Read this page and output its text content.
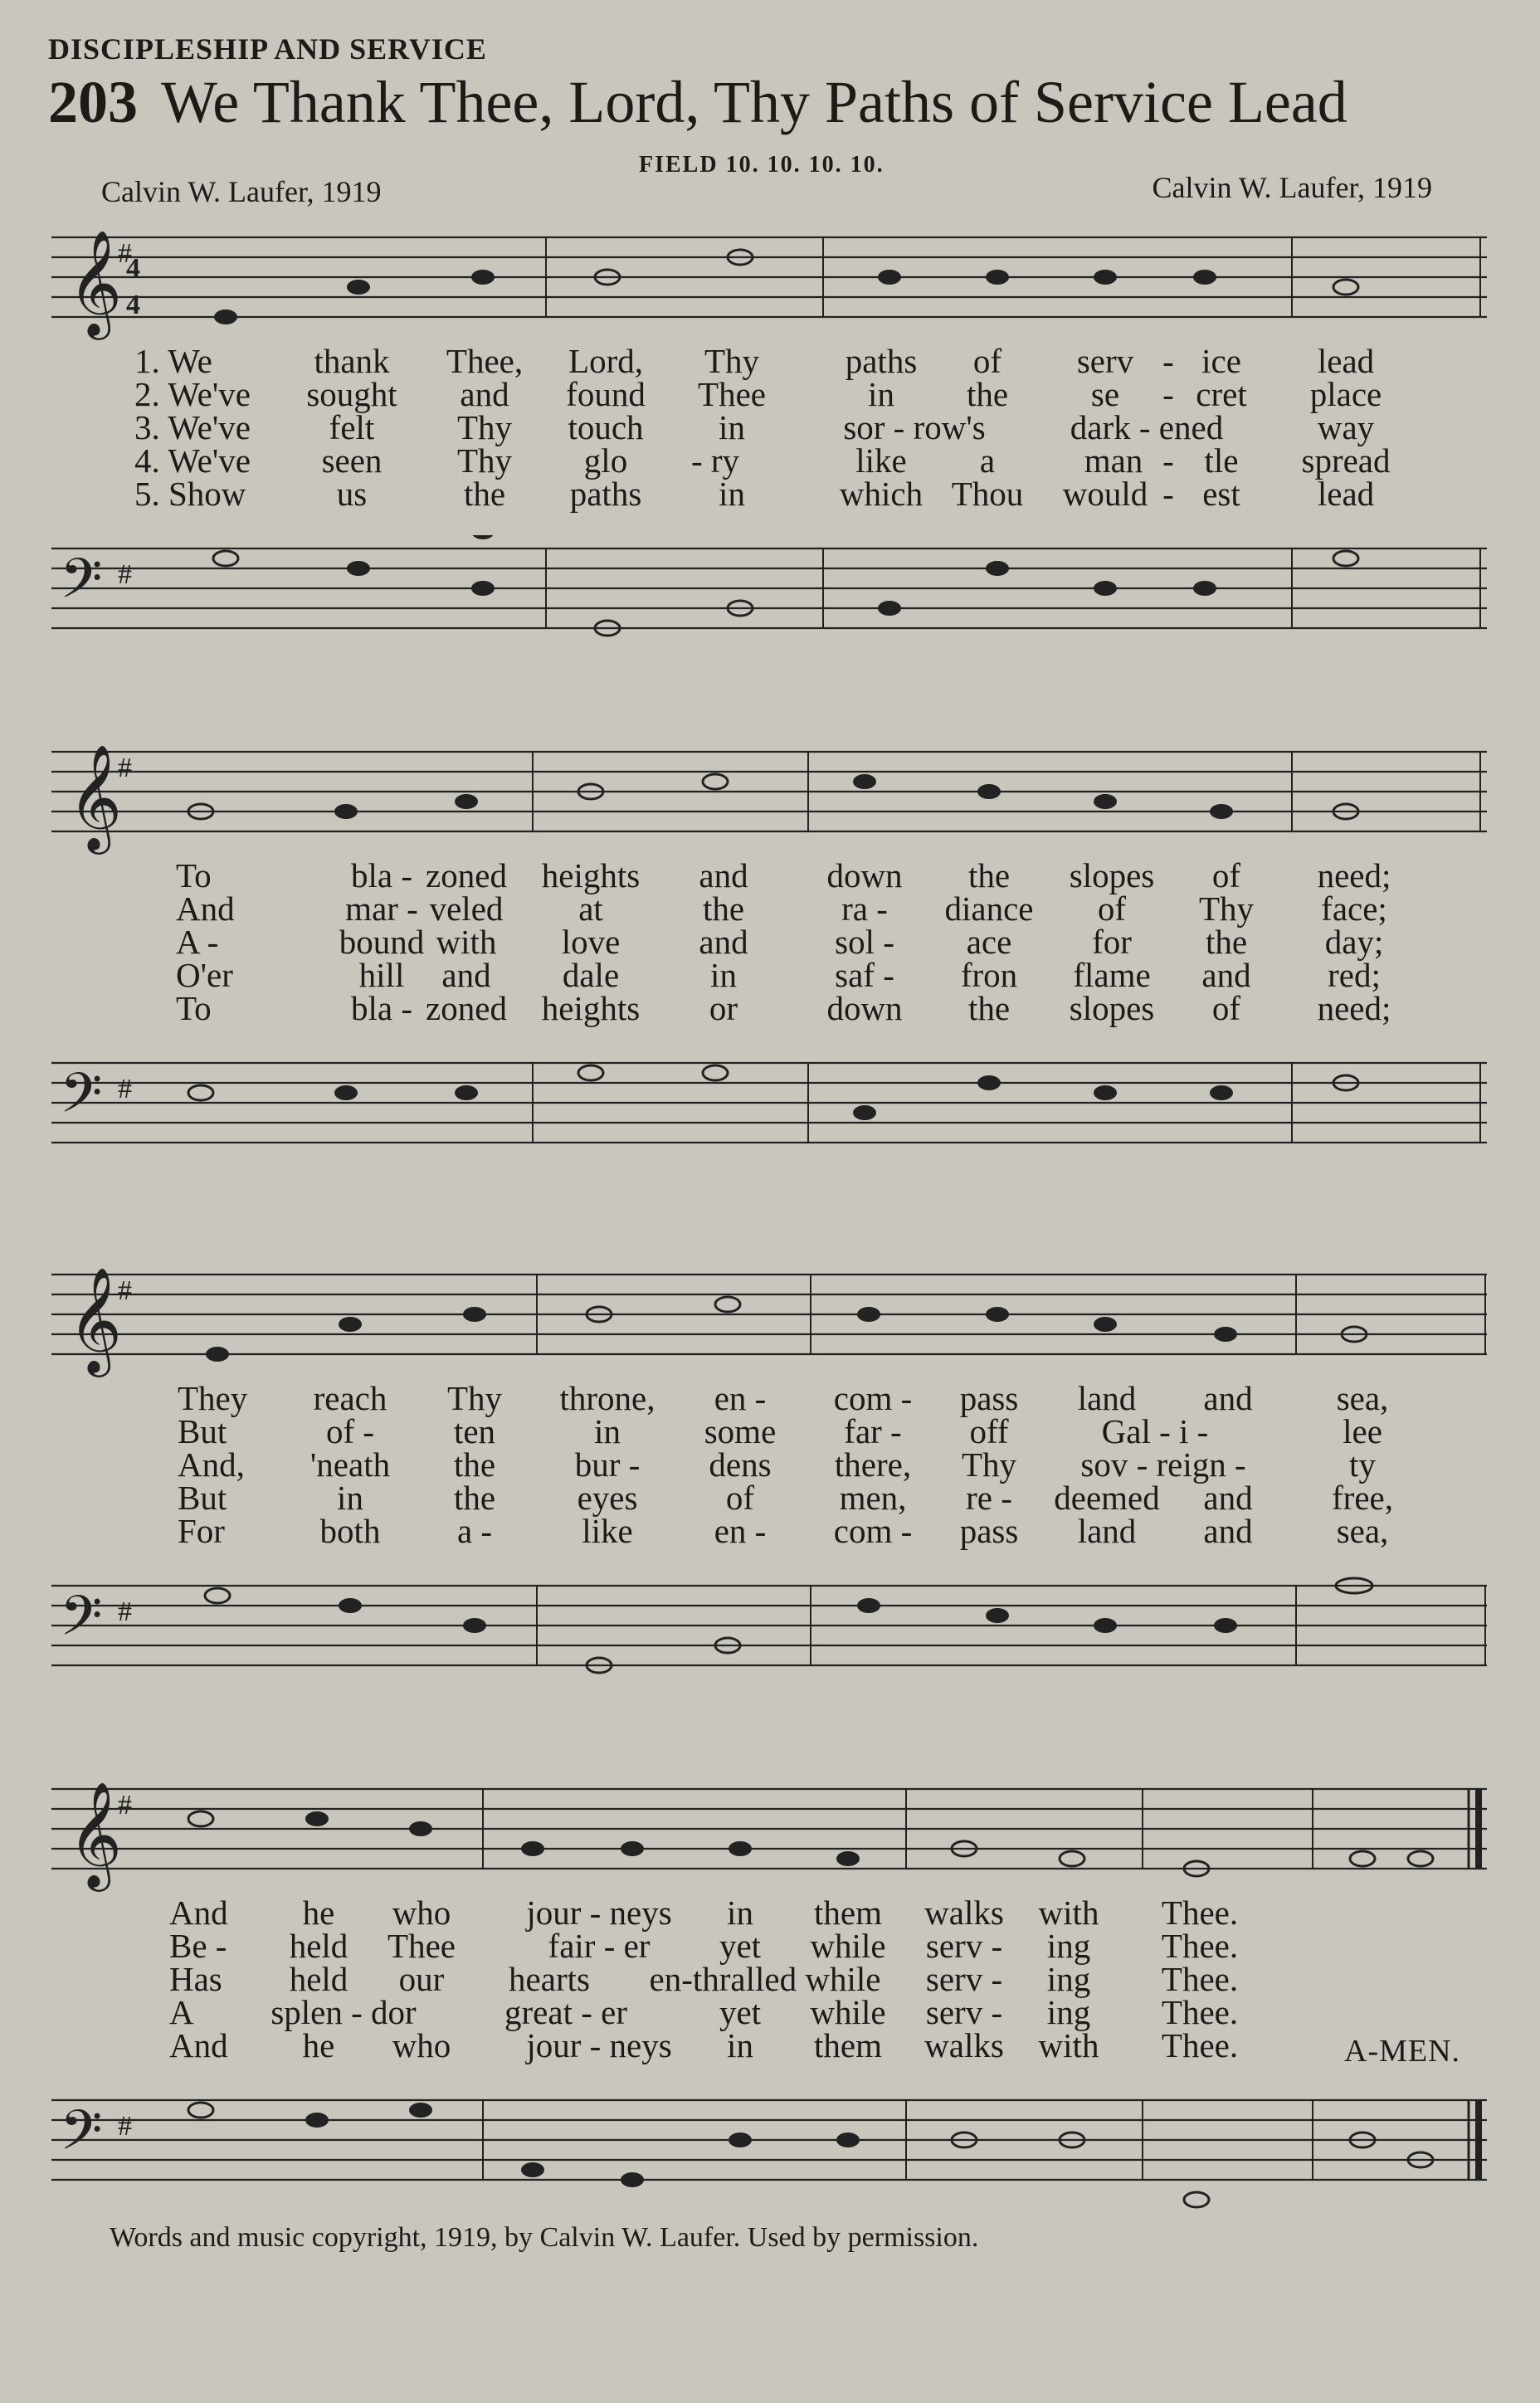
DISCIPLESHIP AND SERVICE
203 We Thank Thee, Lord, Thy Paths of Service Lead
FIELD 10. 10. 10. 10.
Calvin W. Laufer, 1919	Calvin W. Laufer, 1919
𝄞
#
4
4
1. We	thank Thee, Lord, Thy	paths of serv - ice lead
2. We've sought and found Thee	in the se - cret place
3. We've felt Thy touch in	sor - row's dark - ened	way
4. We've seen Thy glo - ry	like a	man - tle spread
5. Show	us	the paths in	which Thou would - est lead
𝄢 #
𝄞
#
To	bla - zoned heights and down the slopes of need;
And	mar - veled at	the	ra - diance of Thy face;
A -	bound with love and	sol - ace for the day;
O'er	hill and dale	in	saf - fron flame and red;
To	bla - zoned heights or	down the slopes of need;
𝄢 #
𝄞
#
They reach Thy throne, en - com - pass land and sea,
But	of - ten	in some far - off	Gal - i -	lee
And, 'neath the bur - dens there, Thy sov - reign -	ty
But	in	the eyes	of	men, re - deemed and free,
For	both a -	like en - com - pass land and sea,
𝄢 #
𝄞
#
And he who jour - neys in them walks with Thee.
Be - held Thee	fair - er yet while serv - ing Thee.
Has held our hearts en-thralled while serv - ing Thee.
A splen - dor	great - er	yet while serv - ing Thee.
And he who jour - neys in them walks with Thee.	A-MEN.
𝄢 #
Words and music copyright, 1919, by Calvin W. Laufer. Used by permission.
